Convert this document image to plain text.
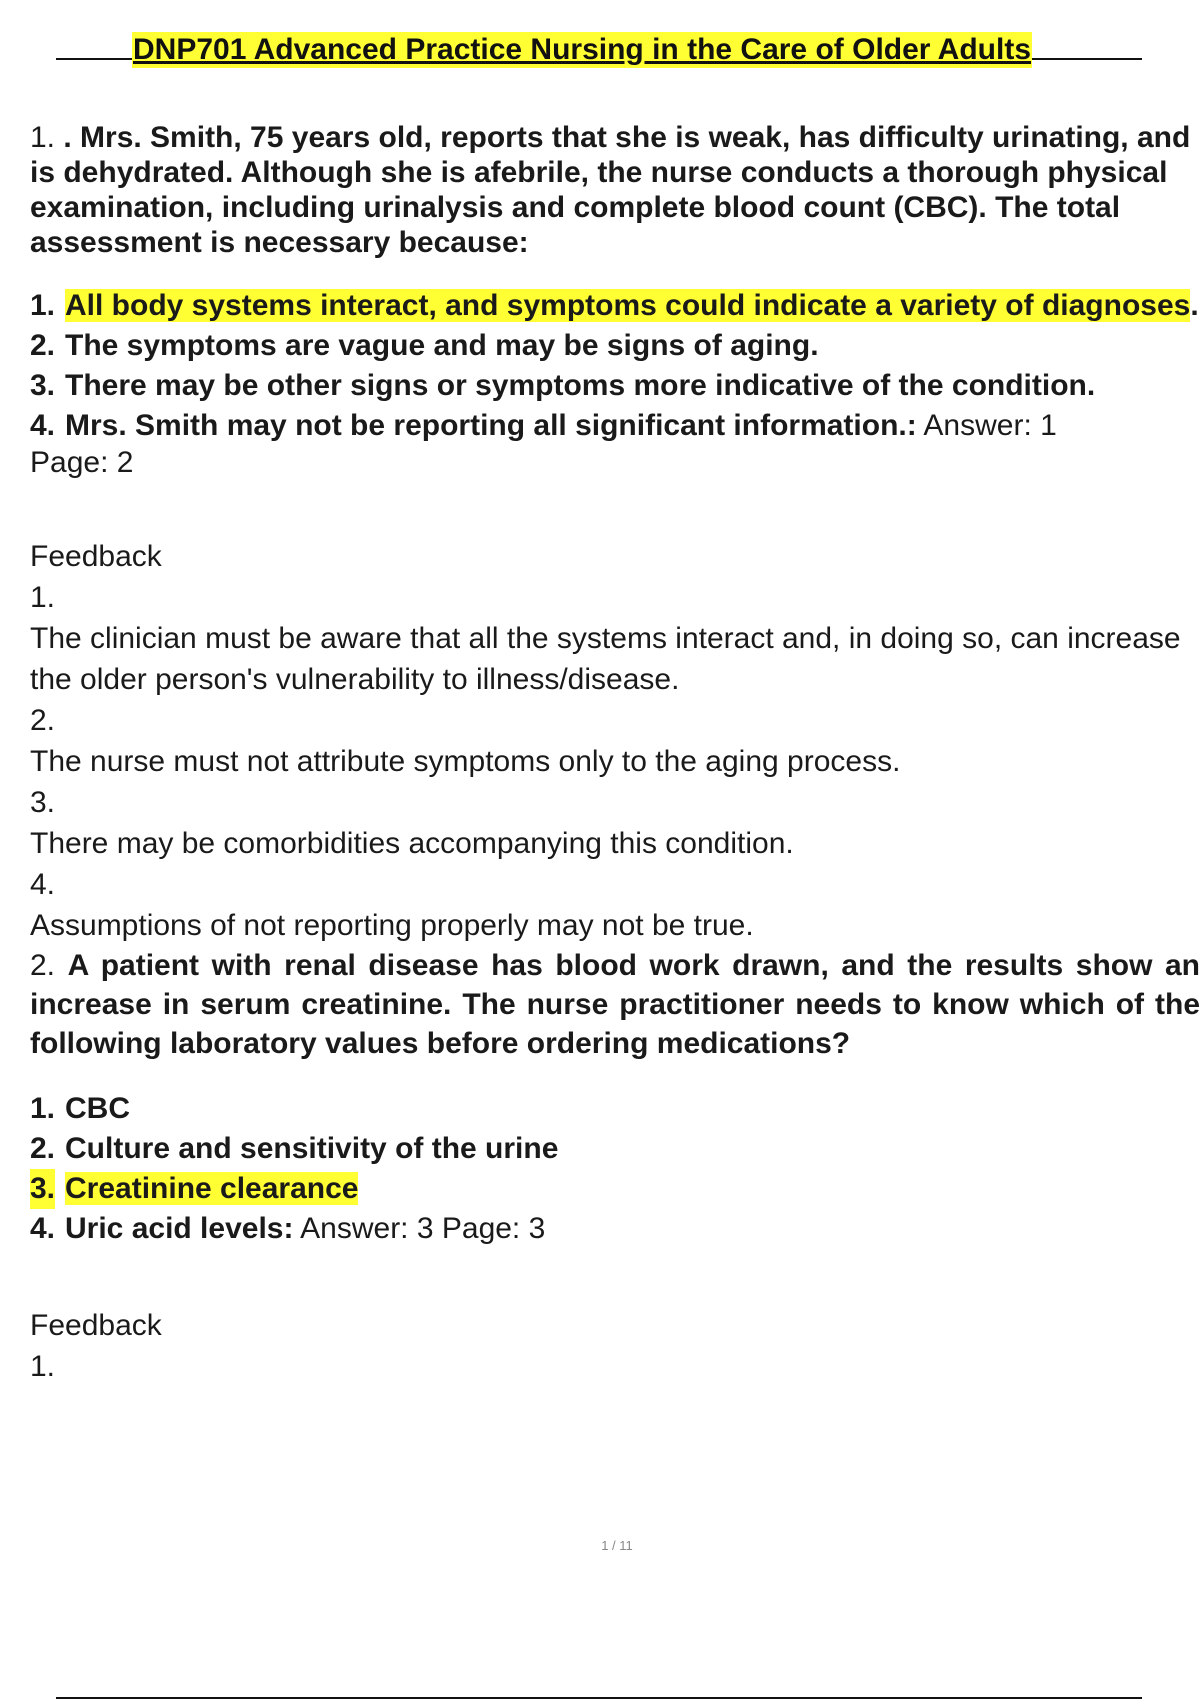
DNP701 Advanced Practice Nursing in the Care of Older Adults

1. . Mrs. Smith, 75 years old, reports that she is weak, has difficulty urinating, and is dehydrated. Although she is afebrile, the nurse conducts a thorough physical examination, including urinalysis and complete blood count (CBC). The total assessment is necessary because:

1. All body systems interact, and symptoms could indicate a variety of diagnoses.
2. The symptoms are vague and may be signs of aging.
3. There may be other signs or symptoms more indicative of the condition.
4. Mrs. Smith may not be reporting all significant information.: Answer: 1

Page: 2

Feedback

1.

The clinician must be aware that all the systems interact and, in doing so, can increase the older person's vulnerability to illness/disease.

2.

The nurse must not attribute symptoms only to the aging process.

3.

There may be comorbidities accompanying this condition.

4.

Assumptions of not reporting properly may not be true.

2. A patient with renal disease has blood work drawn, and the results show an increase in serum creatinine. The nurse practitioner needs to know which of the following laboratory values before ordering medications?

1. CBC
2. Culture and sensitivity of the urine
3. Creatinine clearance
4. Uric acid levels: Answer: 3 Page: 3

Feedback

1.

1 / 11
